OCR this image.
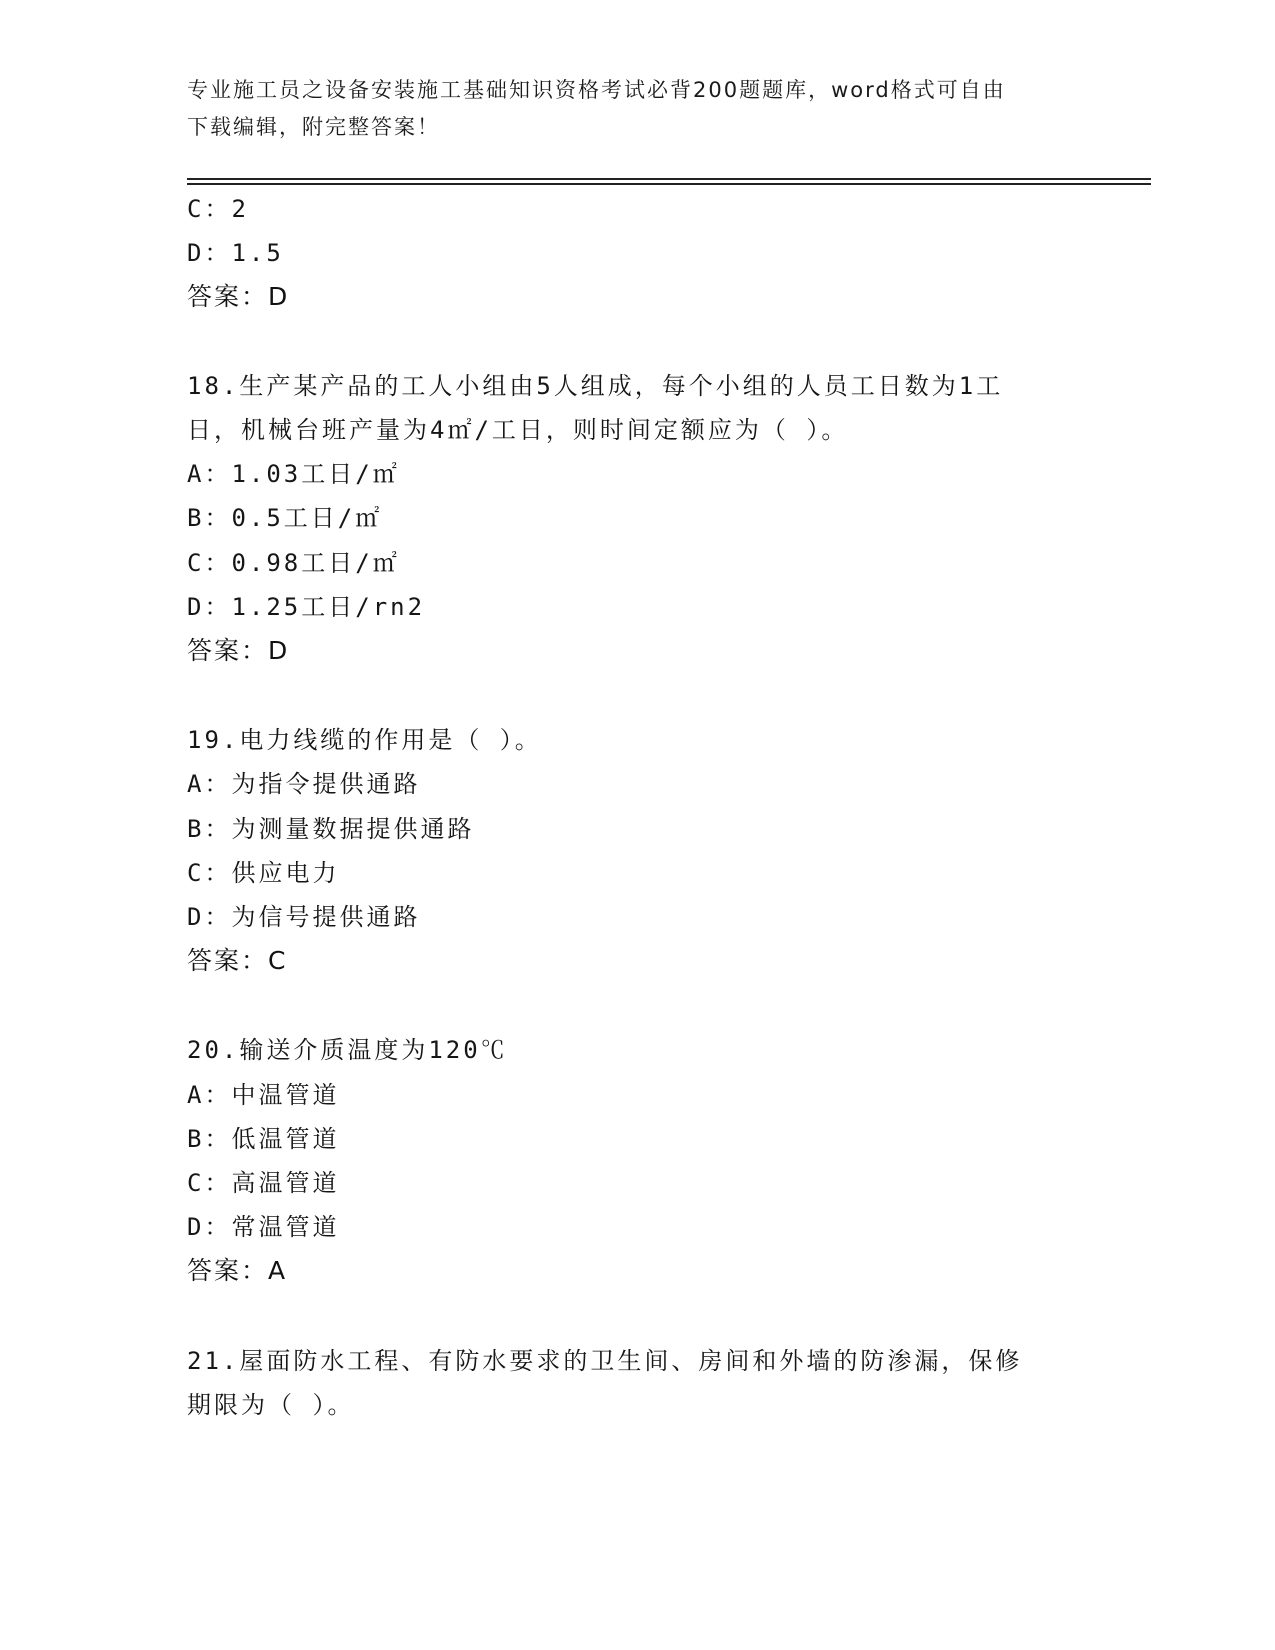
专业施工员之设备安装施工基础知识资格考试必背200题题库，word格式可自由
下载编辑，附完整答案！
C：2
D：1.5
答案：D
18.生产某产品的工人小组由5人组成，每个小组的人员工日数为1工
日，机械台班产量为4㎡/工日，则时间定额应为（ ）。
A：1.03工日/㎡
B：0.5工日/㎡
C：0.98工日/㎡
D：1.25工日/rn2
答案：D
19.电力线缆的作用是（ ）。
A：为指令提供通路
B：为测量数据提供通路
C：供应电力
D：为信号提供通路
答案：C
20.输送介质温度为120℃
A：中温管道
B：低温管道
C：高温管道
D：常温管道
答案：A
21.屋面防水工程、有防水要求的卫生间、房间和外墙的防渗漏，保修
期限为（ ）。
